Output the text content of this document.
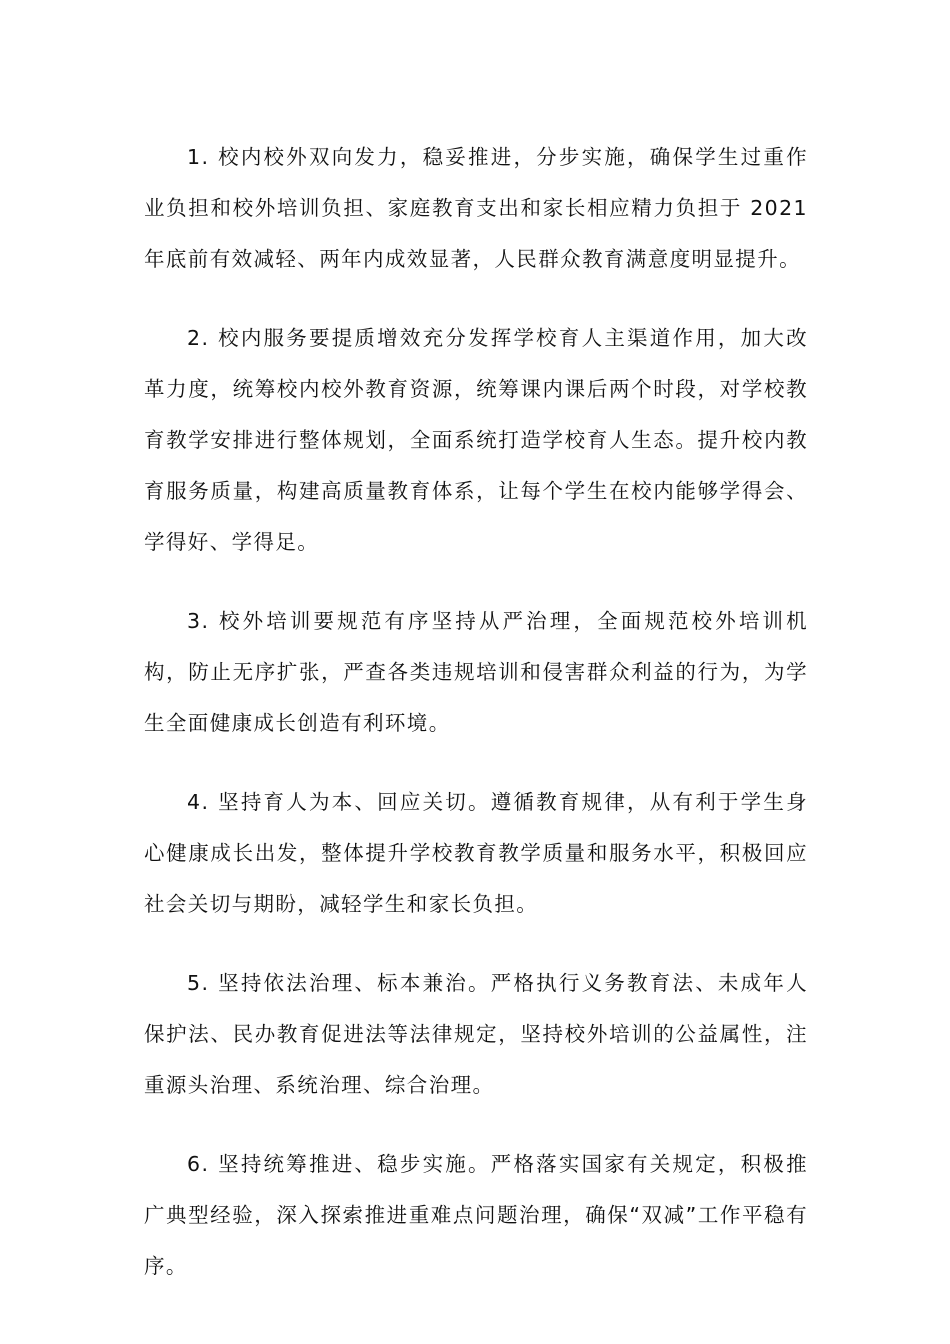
1. 校内校外双向发力，稳妥推进，分步实施，确保学生过重作业负担和校外培训负担、家庭教育支出和家长相应精力负担于 2021 年底前有效减轻、两年内成效显著，人民群众教育满意度明显提升。

2. 校内服务要提质增效充分发挥学校育人主渠道作用，加大改革力度，统筹校内校外教育资源，统筹课内课后两个时段，对学校教育教学安排进行整体规划，全面系统打造学校育人生态。提升校内教育服务质量，构建高质量教育体系，让每个学生在校内能够学得会、学得好、学得足。

3. 校外培训要规范有序坚持从严治理，全面规范校外培训机构，防止无序扩张，严查各类违规培训和侵害群众利益的行为，为学生全面健康成长创造有利环境。

4. 坚持育人为本、回应关切。遵循教育规律，从有利于学生身心健康成长出发，整体提升学校教育教学质量和服务水平，积极回应社会关切与期盼，减轻学生和家长负担。

5. 坚持依法治理、标本兼治。严格执行义务教育法、未成年人保护法、民办教育促进法等法律规定，坚持校外培训的公益属性，注重源头治理、系统治理、综合治理。

6. 坚持统筹推进、稳步实施。严格落实国家有关规定，积极推广典型经验，深入探索推进重难点问题治理，确保“双减”工作平稳有序。
